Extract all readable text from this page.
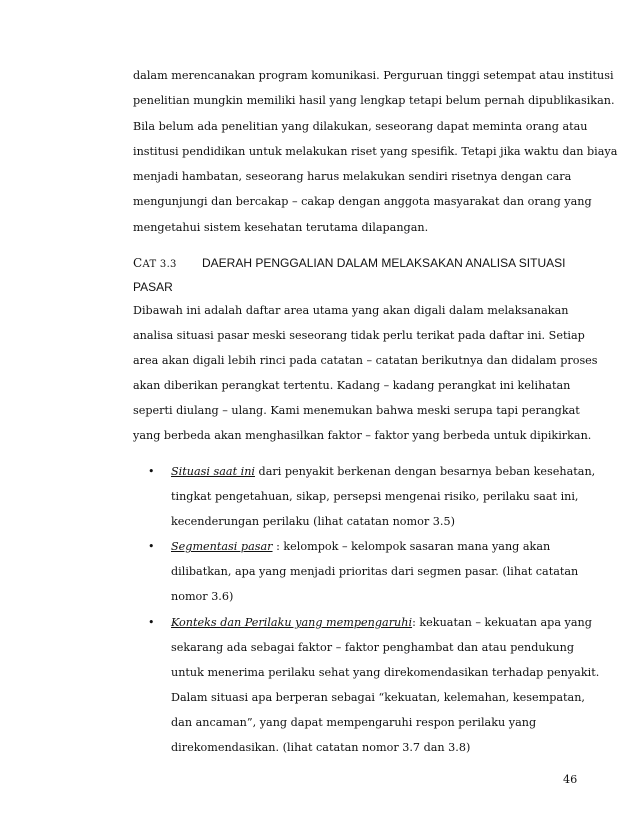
dalam merencanakan program komunikasi. Perguruan tinggi setempat atau institusi
penelitian mungkin memiliki hasil yang lengkap tetapi belum pernah dipublikasikan.
Bila belum ada penelitian yang dilakukan, seseorang dapat meminta orang atau
institusi pendidikan untuk melakukan riset yang spesifik. Tetapi jika waktu dan biaya
menjadi hambatan, seseorang harus melakukan sendiri risetnya dengan cara
mengunjungi dan bercakap – cakap dengan anggota masyarakat dan orang yang
mengetahui sistem kesehatan terutama dilapangan.
CAT 3.3 DAERAH PENGGALIAN DALAM MELAKSAKAN ANALISA SITUASI
PASAR
Dibawah ini adalah daftar area utama yang akan digali dalam melaksanakan
analisa situasi pasar meski seseorang tidak perlu terikat pada daftar ini. Setiap
area akan digali lebih rinci pada catatan – catatan berikutnya dan didalam proses
akan diberikan perangkat tertentu. Kadang – kadang perangkat ini kelihatan
seperti diulang – ulang. Kami menemukan bahwa meski serupa tapi perangkat
yang berbeda akan menghasilkan faktor – faktor yang berbeda untuk dipikirkan.
• Situasi saat ini dari penyakit berkenan dengan besarnya beban kesehatan,
tingkat pengetahuan, sikap, persepsi mengenai risiko, perilaku saat ini,
kecenderungan perilaku (lihat catatan nomor 3.5)
• Segmentasi pasar : kelompok – kelompok sasaran mana yang akan
dilibatkan, apa yang menjadi prioritas dari segmen pasar. (lihat catatan
nomor 3.6)
• Konteks dan Perilaku yang mempengaruhi: kekuatan – kekuatan apa yang
sekarang ada sebagai faktor – faktor penghambat dan atau pendukung
untuk menerima perilaku sehat yang direkomendasikan terhadap penyakit.
Dalam situasi apa berperan sebagai “kekuatan, kelemahan, kesempatan,
dan ancaman”, yang dapat mempengaruhi respon perilaku yang
direkomendasikan. (lihat catatan nomor 3.7 dan 3.8)
46
